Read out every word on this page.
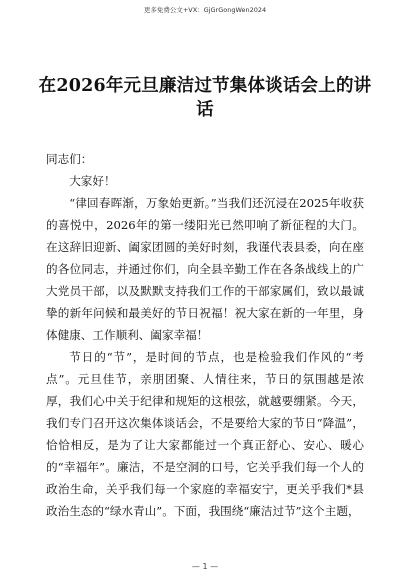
更多免费公文+VX：GjGrGongWen2024
在2026年元旦廉洁过节集体谈话会上的讲话

同志们：

大家好！

“律回春晖渐，万象始更新。”当我们还沉浸在2025年收获的喜悦中，2026年的第一缕阳光已然叩响了新征程的大门。在这辞旧迎新、阖家团圆的美好时刻，我谨代表县委，向在座的各位同志，并通过你们，向全县辛勤工作在各条战线上的广大党员干部，以及默默支持我们工作的干部家属们，致以最诚挚的新年问候和最美好的节日祝福！祝大家在新的一年里，身体健康、工作顺利、阖家幸福！

节日的“节”，是时间的节点，也是检验我们作风的“考点”。元旦佳节，亲朋团聚、人情往来，节日的氛围越是浓厚，我们心中关于纪律和规矩的这根弦，就越要绷紧。今天，我们专门召开这次集体谈话会，不是要给大家的节日“降温”，恰恰相反，是为了让大家都能过一个真正舒心、安心、暖心的“幸福年”。廉洁，不是空洞的口号，它关乎我们每一个人的政治生命，关乎我们每一个家庭的幸福安宁，更关乎我们*县政治生态的“绿水青山”。下面，我围绕“廉洁过节”这个主题，

— 1 —
